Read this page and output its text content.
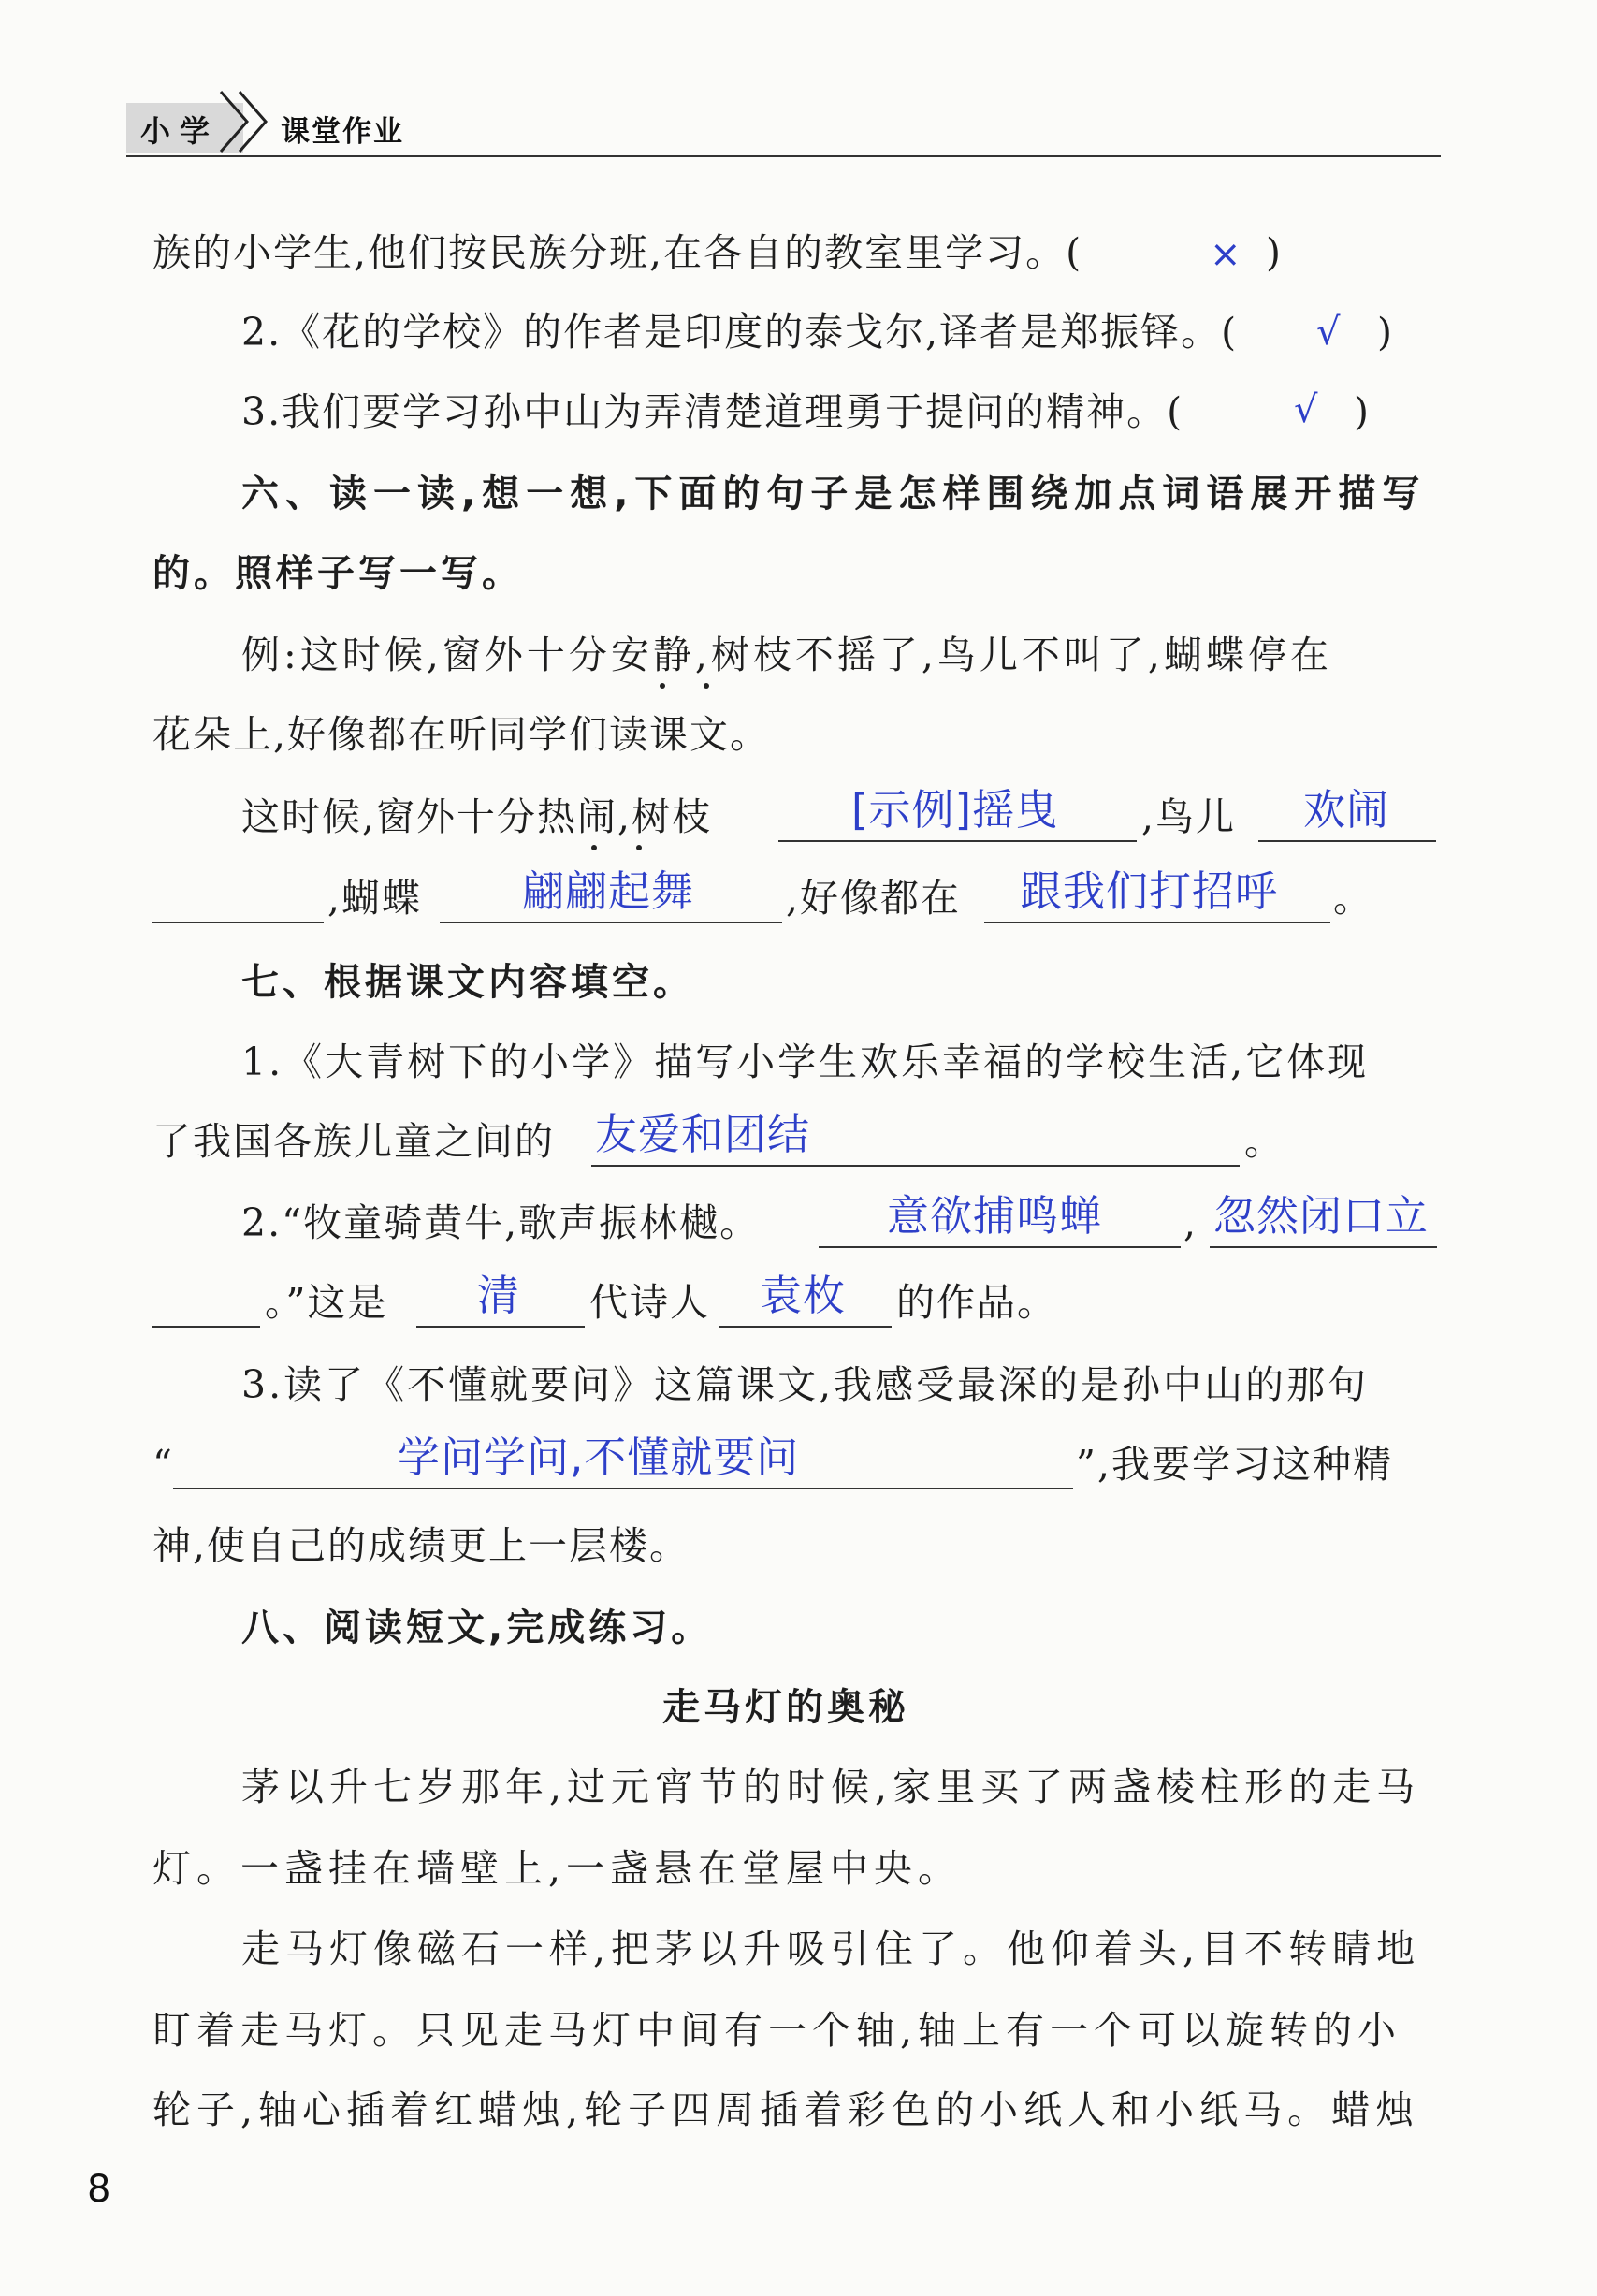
小学 课堂作业
族的小学生,他们按民族分班,在各自的教室里学习。(	× )
2.《花的学校》的作者是印度的泰戈尔,译者是郑振铎。( √ )
3.我们要学习孙中山为弄清楚道理勇于提问的精神。(	√ )
六、读一读,想一想,下面的句子是怎样围绕加点词语展开描写
的。照样子写一写。
例:这时候,窗外十分安静,树枝不摇了,鸟儿不叫了,蝴蝶停在
花朵上,好像都在听同学们读课文。
这时候,窗外十分热闹,树枝	[示例]摇曳 ,鸟儿 欢闹
,蝴蝶 翩翩起舞 ,好像都在 跟我们打招呼 。
七、根据课文内容填空。
1.《大青树下的小学》描写小学生欢乐幸福的学校生活,它体现
了我国各族儿童之间的 友爱和团结	。
2.“牧童骑黄牛,歌声振林樾。	意欲捕鸣蝉 , 忽然闭口立
。”这是 清 代诗人 袁枚 的作品。
3.读了《不懂就要问》这篇课文,我感受最深的是孙中山的那句
“	学问学问,不懂就要问	”,我要学习这种精
神,使自己的成绩更上一层楼。
八、阅读短文,完成练习。
走马灯的奥秘
茅以升七岁那年,过元宵节的时候,家里买了两盏棱柱形的走马
灯。一盏挂在墙壁上,一盏悬在堂屋中央。
走马灯像磁石一样,把茅以升吸引住了。他仰着头,目不转睛地
盯着走马灯。只见走马灯中间有一个轴,轴上有一个可以旋转的小
轮子,轴心插着红蜡烛,轮子四周插着彩色的小纸人和小纸马。蜡烛
8
